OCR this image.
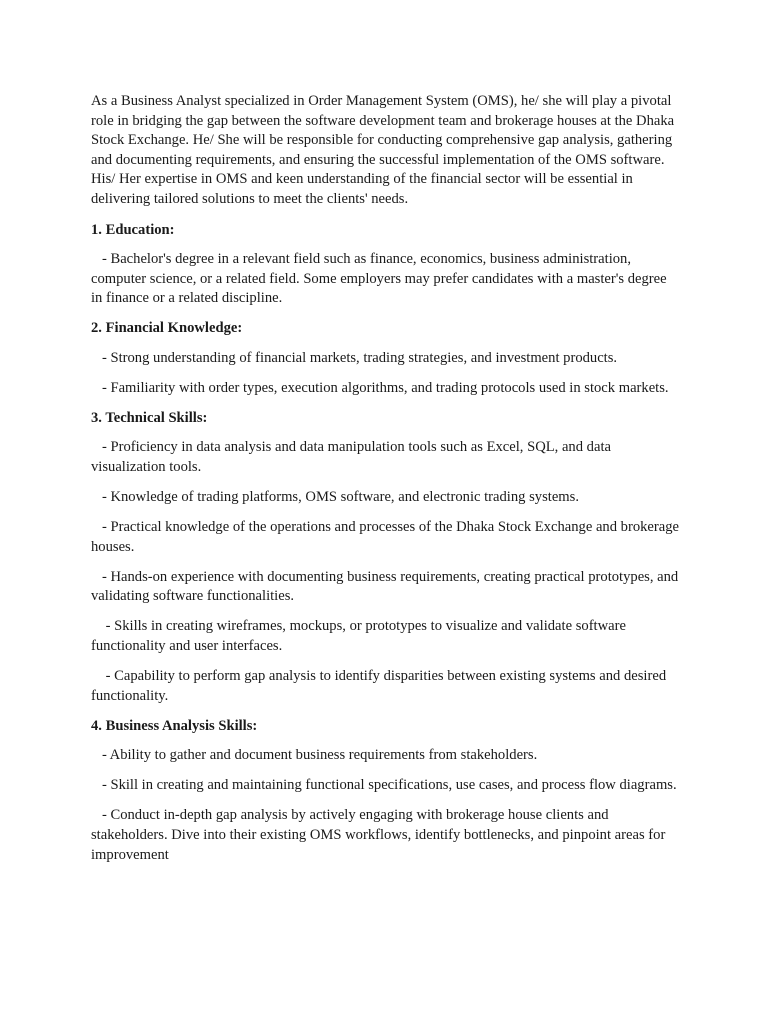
As a Business Analyst specialized in Order Management System (OMS), he/ she will play a pivotal role in bridging the gap between the software development team and brokerage houses at the Dhaka Stock Exchange. He/ She will be responsible for conducting comprehensive gap analysis, gathering and documenting requirements, and ensuring the successful implementation of the OMS software. His/ Her expertise in OMS and keen understanding of the financial sector will be essential in delivering tailored solutions to meet the clients' needs.

1. Education:

- Bachelor's degree in a relevant field such as finance, economics, business administration, computer science, or a related field. Some employers may prefer candidates with a master's degree in finance or a related discipline.

2. Financial Knowledge:

- Strong understanding of financial markets, trading strategies, and investment products.

- Familiarity with order types, execution algorithms, and trading protocols used in stock markets.

3. Technical Skills:

- Proficiency in data analysis and data manipulation tools such as Excel, SQL, and data visualization tools.

- Knowledge of trading platforms, OMS software, and electronic trading systems.

- Practical knowledge of the operations and processes of the Dhaka Stock Exchange and brokerage houses.

- Hands-on experience with documenting business requirements, creating practical prototypes, and   validating software functionalities.

- Skills in creating wireframes, mockups, or prototypes to visualize and validate software functionality and user interfaces.

- Capability to perform gap analysis to identify disparities between existing systems and desired functionality.

4. Business Analysis Skills:

- Ability to gather and document business requirements from stakeholders.

- Skill in creating and maintaining functional specifications, use cases, and process flow diagrams.

- Conduct in-depth gap analysis by actively engaging with brokerage house clients and stakeholders. Dive into their existing OMS workflows, identify bottlenecks, and pinpoint areas for improvement
